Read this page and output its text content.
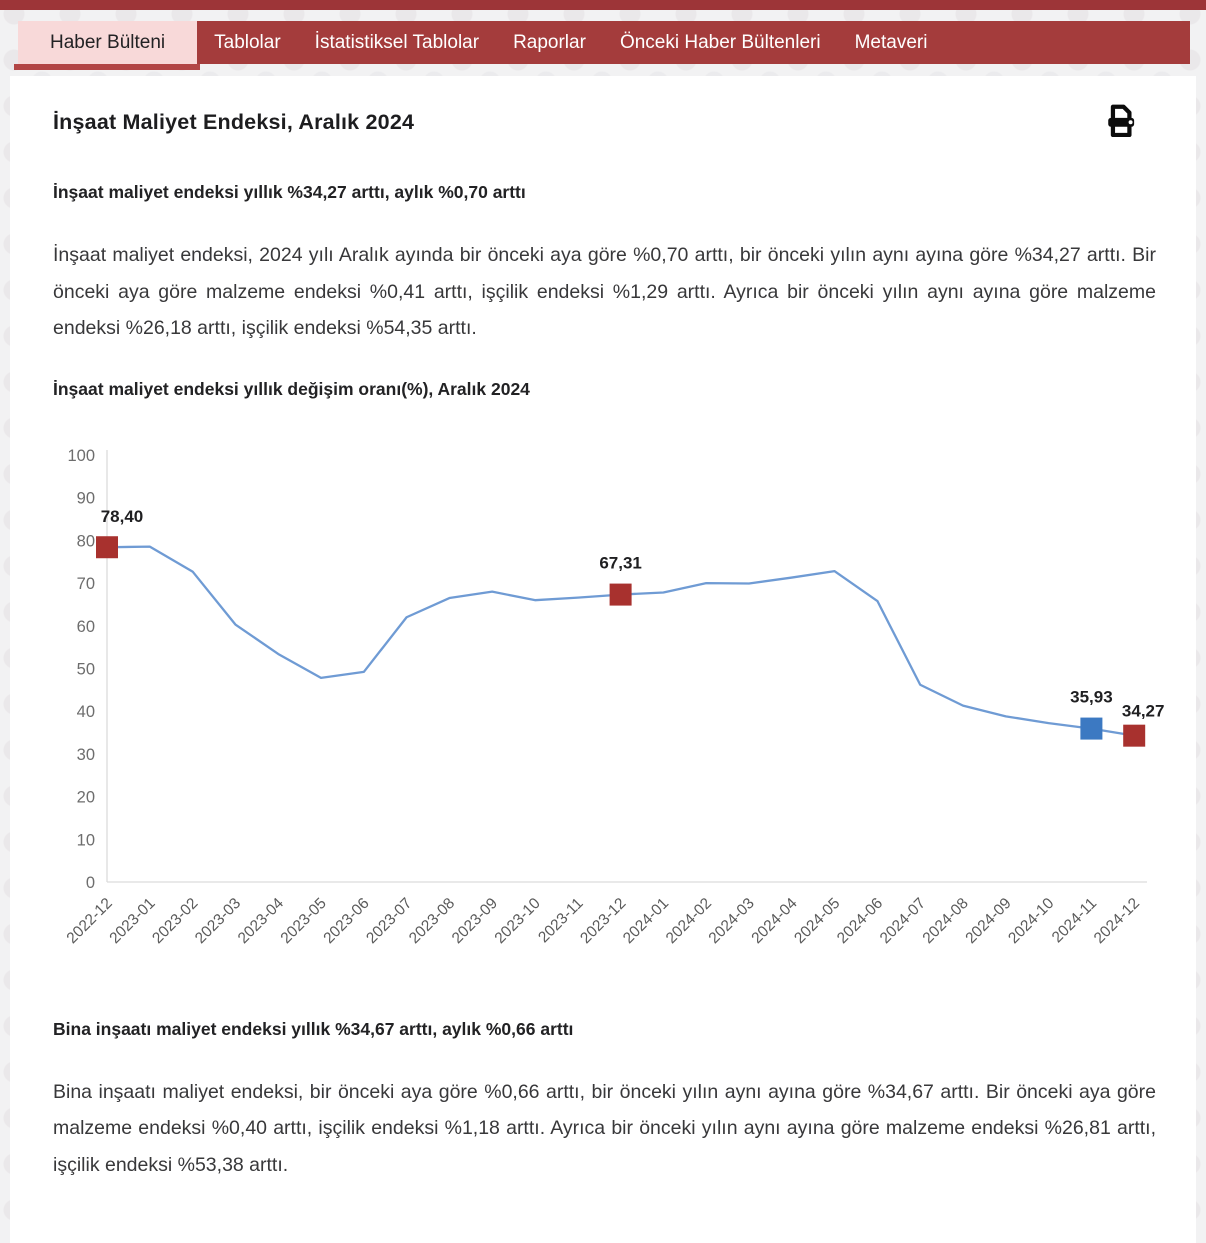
Haber Bülteni	Tablolar İstatistiksel Tablolar Raporlar Önceki Haber Bültenleri Metaveri
İnşaat Maliyet Endeksi, Aralık 2024
İnşaat maliyet endeksi yıllık %34,27 arttı, aylık %0,70 arttı

İnşaat maliyet endeksi, 2024 yılı Aralık ayında bir önceki aya göre %0,70 arttı, bir önceki yılın aynı ayına göre %34,27 arttı. Bir önceki aya göre malzeme endeksi %0,41 arttı, işçilik endeksi %1,29 arttı. Ayrıca bir önceki yılın aynı ayına göre malzeme endeksi %26,18 arttı, işçilik endeksi %54,35 arttı.

İnşaat maliyet endeksi yıllık değişim oranı(%), Aralık 2024
0
10
20
30
40
50
60
70
80
90
100
2022-12
2023-01
2023-02
2023-03
2023-04
2023-05
2023-06
2023-07
2023-08
2023-09
2023-10
2023-11
2023-12
2024-01
2024-02
2024-03
2024-04
2024-05
2024-06
2024-07
2024-08
2024-09
2024-10
2024-11
2024-12
78,40
67,31
35,93
34,27
Bina inşaatı maliyet endeksi yıllık %34,67 arttı, aylık %0,66 arttı

Bina inşaatı maliyet endeksi, bir önceki aya göre %0,66 arttı, bir önceki yılın aynı ayına göre %34,67 arttı. Bir önceki aya göre malzeme endeksi %0,40 arttı, işçilik endeksi %1,18 arttı. Ayrıca bir önceki yılın aynı ayına göre malzeme endeksi %26,81 arttı, işçilik endeksi %53,38 arttı.
